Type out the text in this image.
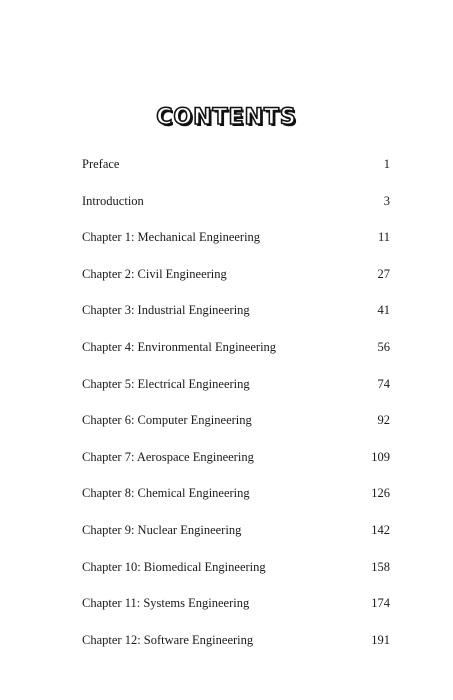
CONTENTS
Preface	1
Introduction	3
Chapter 1: Mechanical Engineering	11
Chapter 2: Civil Engineering	27
Chapter 3: Industrial Engineering	41
Chapter 4: Environmental Engineering	56
Chapter 5: Electrical Engineering	74
Chapter 6: Computer Engineering	92
Chapter 7: Aerospace Engineering	109
Chapter 8: Chemical Engineering	126
Chapter 9: Nuclear Engineering	142
Chapter 10: Biomedical Engineering	158
Chapter 11: Systems Engineering	174
Chapter 12: Software Engineering	191
